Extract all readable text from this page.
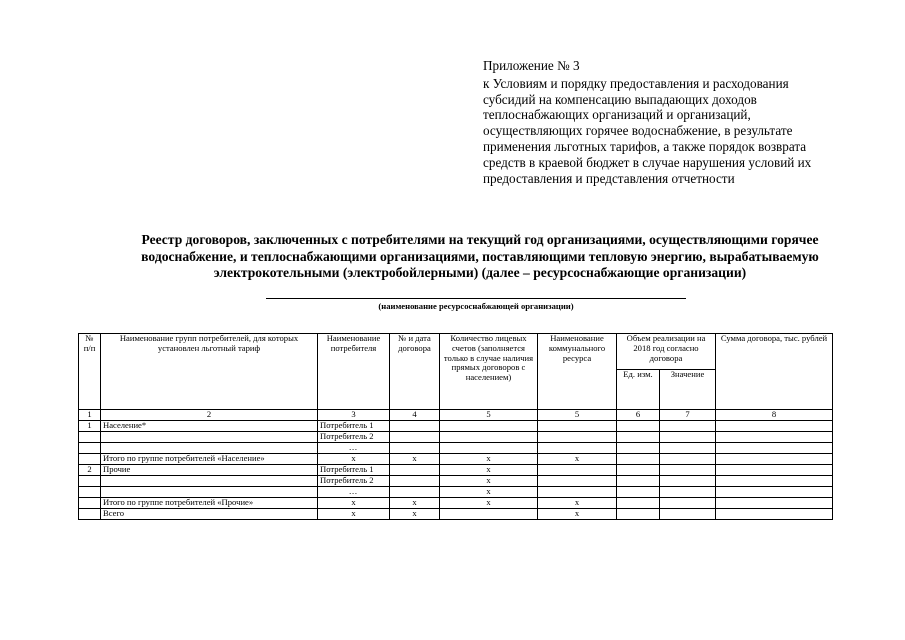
Приложение № 3
к Условиям и порядку предоставления и расходования
субсидий на компенсацию выпадающих доходов
теплоснабжающих организаций и организаций,
осуществляющих горячее водоснабжение, в результате
применения льготных тарифов, а также порядок возврата
средств в краевой бюджет в случае нарушения условий их
предоставления и представления отчетности
Реестр договоров, заключенных с потребителями на текущий год организациями, осуществляющими горячее
водоснабжение, и теплоснабжающими организациями, поставляющими тепловую энергию, вырабатываемую
электрокотельными (электробойлерными) (далее – ресурсоснабжающие организации)
(наименование ресурсоснабжающей организации)
№ п/п	Наименование групп потребителей, для которых установлен льготный тариф	Наименование потребителя	№ и дата договора	Количество лицевых счетов (заполняется только в случае наличия прямых договоров с населением)	Наименование коммунального ресурса	Объем реализации на 2018 год согласно договора		Сумма договора, тыс. рублей
						Ед. изм.	Значение	
1	2	3	4	5	5	6	7	8
1	Население*	Потребитель 1						
		Потребитель 2						
		…						
	Итого по группе потребителей «Население»	x	x	x	x			
2	Прочие	Потребитель 1		x				
		Потребитель 2		x				
		…		x				
	Итого по группе потребителей «Прочие»	x	x	x	x			
	Всего	x	x		x			
